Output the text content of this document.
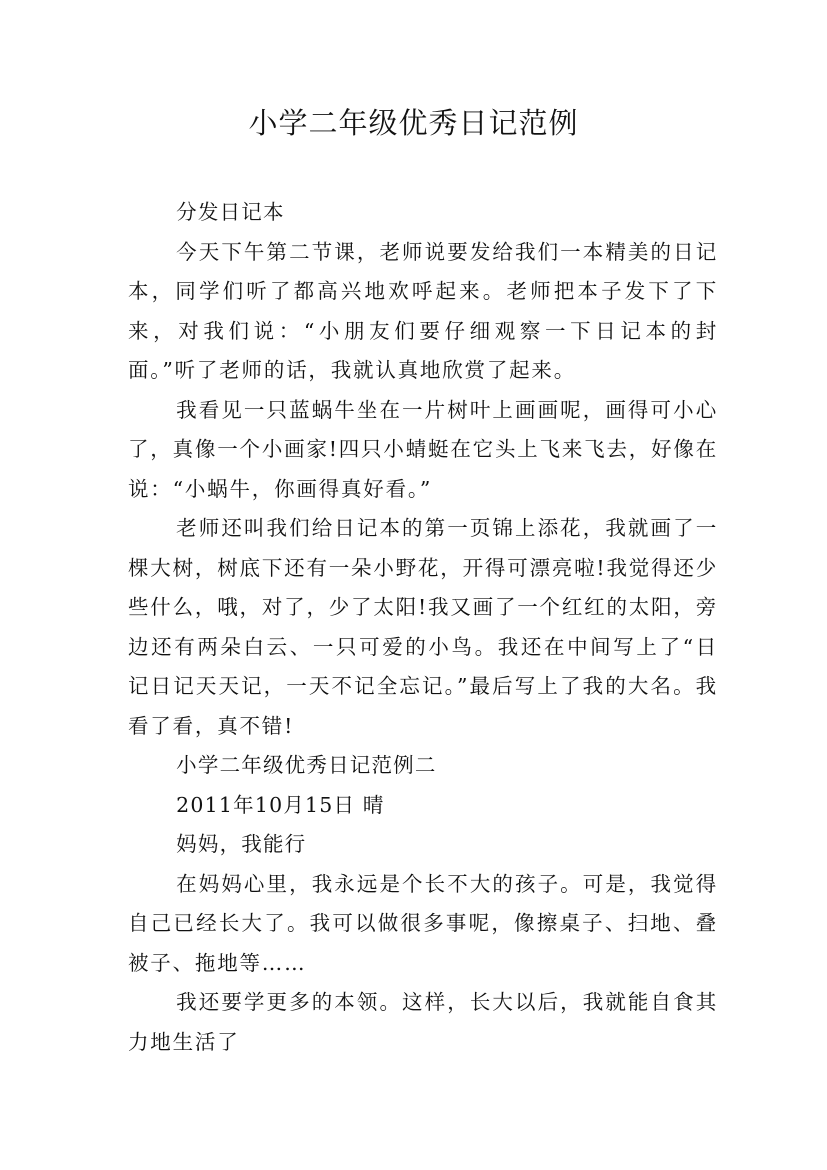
小学二年级优秀日记范例

分发日记本

今天下午第二节课，老师说要发给我们一本精美的日记本，同学们听了都高兴地欢呼起来。老师把本子发下了下来，对我们说：“小朋友们要仔细观察一下日记本的封面。”听了老师的话，我就认真地欣赏了起来。

我看见一只蓝蜗牛坐在一片树叶上画画呢，画得可小心了，真像一个小画家!四只小蜻蜓在它头上飞来飞去，好像在说：“小蜗牛，你画得真好看。”

老师还叫我们给日记本的第一页锦上添花，我就画了一棵大树，树底下还有一朵小野花，开得可漂亮啦!我觉得还少些什么，哦，对了，少了太阳!我又画了一个红红的太阳，旁边还有两朵白云、一只可爱的小鸟。我还在中间写上了“日记日记天天记，一天不记全忘记。”最后写上了我的大名。我看了看，真不错!

小学二年级优秀日记范例二

2011年10月15日 晴

妈妈，我能行

在妈妈心里，我永远是个长不大的孩子。可是，我觉得自己已经长大了。我可以做很多事呢，像擦桌子、扫地、叠被子、拖地等……

我还要学更多的本领。这样，长大以后，我就能自食其力地生活了
